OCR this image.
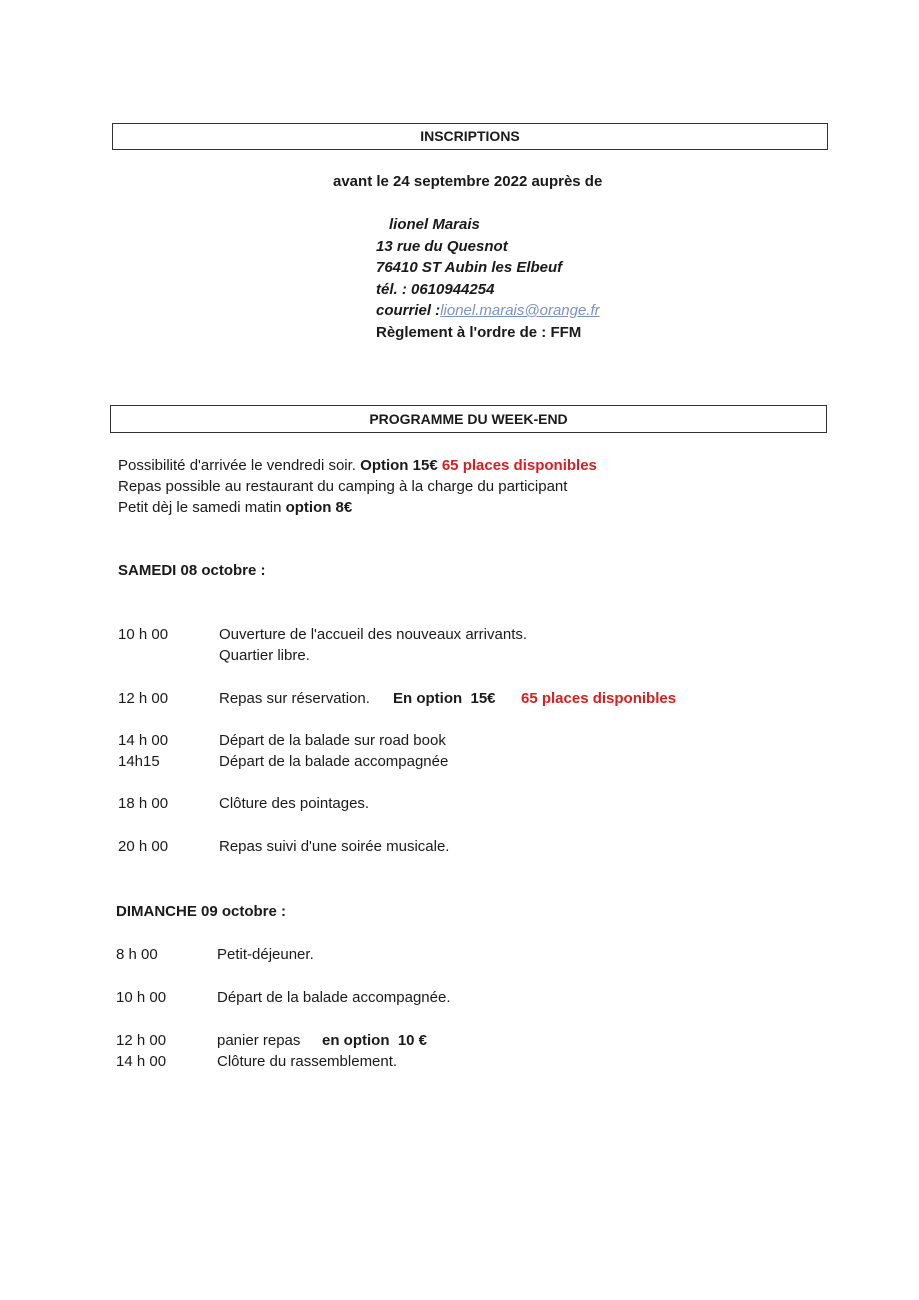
INSCRIPTIONS
avant le 24 septembre 2022 auprès de
lionel Marais
13 rue du Quesnot
76410 ST Aubin les Elbeuf
tél. : 0610944254
courriel :lionel.marais@orange.fr
Règlement à l'ordre de : FFM
PROGRAMME DU WEEK-END
Possibilité d'arrivée le vendredi soir. Option 15€ 65 places disponibles
Repas possible au restaurant du camping à la charge du participant
Petit dèj le samedi matin option 8€
SAMEDI 08 octobre :
10 h 00	Ouverture de l'accueil des nouveaux arrivants.
Quartier libre.
12 h 00	Repas sur réservation. En option  15€ 65 places disponibles
14 h 00	Départ de la balade sur road book
14h15	Départ de la balade accompagnée
18 h 00	Clôture des pointages.
20 h 00	Repas suivi d'une soirée musicale.
DIMANCHE 09 octobre :
8 h 00	Petit-déjeuner.
10 h 00	Départ de la balade accompagnée.
12 h 00	panier repas en option  10 €
14 h 00	Clôture du rassemblement.
